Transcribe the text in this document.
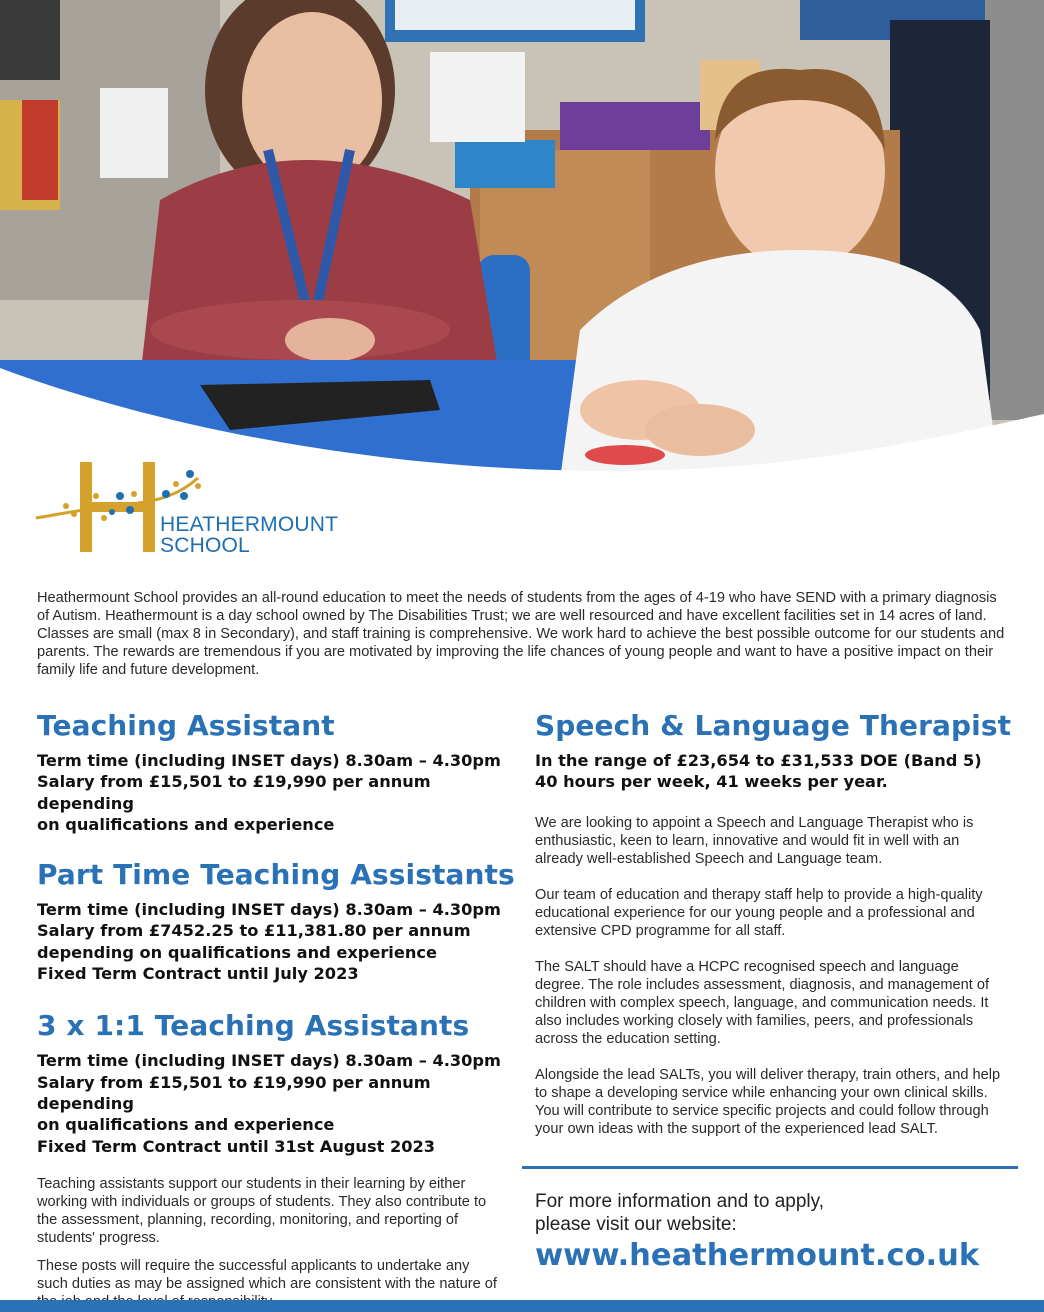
HEATHERMOUNT
SCHOOL

Heathermount School provides an all-round education to meet the needs of students from the ages of 4-19 who have SEND with a primary diagnosis of Autism. Heathermount is a day school owned by The Disabilities Trust; we are well resourced and have excellent facilities set in 14 acres of land. Classes are small (max 8 in Secondary), and staff training is comprehensive. We work hard to achieve the best possible outcome for our students and parents. The rewards are tremendous if you are motivated by improving the life chances of young people and want to have a positive impact on their family life and future development.

Teaching Assistant
Term time (including INSET days) 8.30am – 4.30pm
Salary from £15,501 to £19,990 per annum depending
on qualifications and experience
Part Time Teaching Assistants
Term time (including INSET days) 8.30am – 4.30pm
Salary from £7452.25 to £11,381.80 per annum
depending on qualifications and experience
Fixed Term Contract until July 2023
3 x 1:1 Teaching Assistants
Term time (including INSET days) 8.30am – 4.30pm
Salary from £15,501 to £19,990 per annum depending
on qualifications and experience
Fixed Term Contract until 31st August 2023

Teaching assistants support our students in their learning by either working with individuals or groups of students. They also contribute to the assessment, planning, recording, monitoring, and reporting of students' progress.

These posts will require the successful applicants to undertake any such duties as may be assigned which are consistent with the nature of

Speech & Language Therapist
In the range of £23,654 to £31,533 DOE (Band 5)
40 hours per week, 41 weeks per year.

We are looking to appoint a Speech and Language Therapist who is enthusiastic, keen to learn, innovative and would fit in well with an already well-established Speech and Language team.

Our team of education and therapy staff help to provide a high-quality educational experience for our young people and a professional and extensive CPD programme for all staff.

The SALT should have a HCPC recognised speech and language degree. The role includes assessment, diagnosis, and management of children with complex speech, language, and communication needs. It also includes working closely with families, peers, and professionals across the education setting.

Alongside the lead SALTs, you will deliver therapy, train others, and help to shape a developing service while enhancing your own clinical skills. You will contribute to service specific projects and could follow through your own ideas with the support of the experienced lead SALT.

For more information and to apply,
please visit our website:
www.heathermount.co.uk
